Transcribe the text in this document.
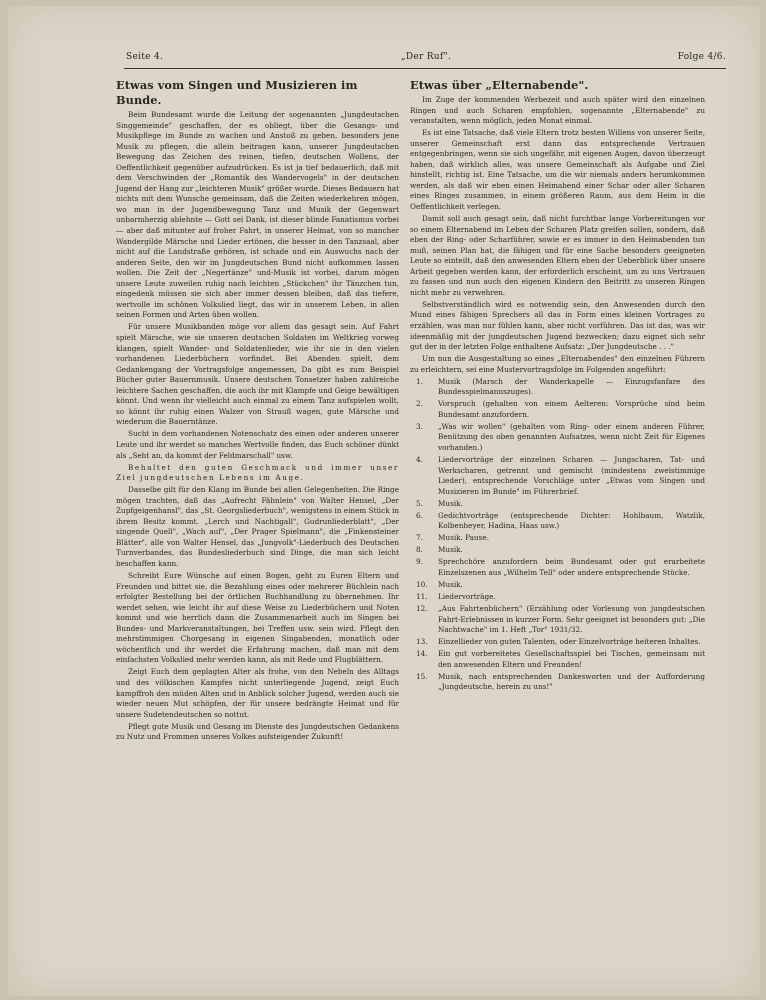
Seite 4.	„Der Ruf".	Folge 4/6.
Etwas vom Singen und Musizieren im Bunde.

Beim Bundesamt wurde die Leitung der sogenannten „Jungdeutschen Singgemeinde" geschaffen, der es obliegt, über die Gesangs- und Musikpflege im Bunde zu wachen und Anstoß zu geben, besonders jene Musik zu pflegen, die allein beitragen kann, unserer Jungdeutschen Bewegung das Zeichen des reinen, tiefen, deutschen Wollens, der Oeffentlichkeit gegenüber aufzudrücken. Es ist ja tief bedauerlich, daß mit dem Verschwinden der „Romantik des Wandervogels" in der deutschen Jugend der Hang zur „leichteren Musik" größer wurde. Dieses Bedauern hat nichts mit dem Wunsche gemeinsam, daß die Zeiten wiederkehren mögen, wo man in der Jugendbewegung Tanz und Musik der Gegenwart unbarmherzig ablehnte — Gott sei Dank, ist dieser blinde Fanatismus vorbei — aber daß mitunter auf froher Fahrt, in unserer Heimat, von so mancher Wandergilde Märsche und Lieder ertönen, die besser in den Tanzsaal, aber nicht auf die Landstraße gehören, ist schade und ein Auswuchs nach der anderen Seite, den wir im Jungdeutschen Bund nicht aufkommen lassen wollen. Die Zeit der „Negertänze" und-Musik ist vorbei, darum mögen unsere Leute zuweilen ruhig nach leichten „Stückchen" ihr Tänzchen tun, eingedenk müssen sie sich aber immer dessen bleiben, daß das tiefere, wertvolle im schönen Volkslied liegt, das wir in unserem Leben, in allen seinen Formen und Arten üben wollen.

Für unsere Musikbanden möge vor allem das gesagt sein. Auf Fahrt spielt Märsche, wie sie unseren deutschen Soldaten im Weltkrieg vorweg klangen, spielt Wander- und Soldatenlieder, wie ihr sie in den vielen vorhandenen Liederbüchern vorfindet. Bei Abenden spielt, dem Gedankengang der Vortragsfolge angemessen, Da gibt es zum Beispiel Bücher guter Bauernmusik. Unsere deutschen Tonsetzer haben zahlreiche leichtere Sachen geschaffen, die auch ihr mit Klampfe und Geige bewältigen könnt. Und wenn ihr vielleicht auch einmal zu einem Tanz aufspielen wollt, so könnt ihr ruhig einen Walzer von Strauß wagen, gute Märsche und wiederum die Bauerntänze.

Sucht in dem vorhandenen Notenschatz des einen oder anderen unserer Leute und ihr werdet so manches Wertvolle finden, das Euch schöner dünkt als „Seht an, da kommt der Feldmarschall" usw.

Behaltet den guten Geschmack und immer unser Ziel jungdeutschen Lebens im Auge.

Dasselbe gilt für den Klang im Bunde bei allen Gelegenheiten. Die Ringe mögen trachten, daß das „Aufrecht Fähnlein" von Walter Hensel, „Der Zupfgeigenhansl", das „St. Georgsliederbuch", wenigstens in einem Stück in ihrem Besitz kommt. „Lerch und Nachtigall", Gudrunliederblatt", „Der singende Quell", „Wach auf", „Der Prager Spielmann", die „Finkensteiner Blätter", alle von Walter Hensel, das „Jungvolk"-Liederbuch des Deutschen Turnverbandes, das Bundesliederbuch sind Dinge, die man sich leicht beschaffen kann.

Schreibt Eure Wünsche auf einen Bogen, geht zu Euren Eltern und Freunden und bittet sie, die Bezahlung eines oder mehrerer Büchlein nach erfolgter Bestellung bei der örtlichen Buchhandlung zu übernehmen. Ihr werdet sehen, wie leicht ihr auf diese Weise zu Liederbüchern und Noten kommt und wie herrlich dann die Zusammenarbeit auch im Singen bei Bundes- und Markveranstaltungen, bei Treffen usw. sein wird. Pflegt den mehrstimmigen Chorgesang in eigenen Singabenden, monatlich oder wöchentlich und ihr werdet die Erfahrung machen, daß man mit dem einfachsten Volkslied mehr werden kann, als mit Rede und Flugblättern.

Zeigt Euch dem geplagten Alter als frohe, von den Nebeln des Alltags und des völkischen Kampfes nicht unterliegende Jugend, zeigt Euch kampffroh den müden Alten und in Anblick solcher Jugend, werden auch sie wieder neuen Mut schöpfen, der für unsere bedrängte Heimat und für unsere Sudetendeutschen so nottut.

Pflegt gute Musik und Gesang im Dienste des Jungdeutschen Gedankens zu Nutz und Frommen unseres Volkes aufsteigender Zukunft!

Etwas über „Elternabende".

Im Zuge der kommenden Werbezeit und auch später wird den einzelnen Ringen und auch Scharen empfohlen, sogenannte „Elternabende" zu veranstalten, wenn möglich, jeden Monat einmal.

Es ist eine Tatsache, daß viele Eltern trotz besten Willens von unserer Seite, unserer Gemeinschaft erst dann das entsprechende Vertrauen entgegenbringen, wenn sie sich ungefähr, mit eigenen Augen, davon überzeugt haben, daß wirklich alles, was unsere Gemeinschaft als Aufgabe und Ziel hinstellt, richtig ist. Eine Tatsache, um die wir niemals anders herumkommen werden, als daß wir eben einen Heimabend einer Schar oder aller Scharen eines Ringes zusammen, in einem größeren Raum, aus dem Heim in die Oeffentlichkeit verlegen.

Damit soll auch gesagt sein, daß nicht furchtbar lange Vorbereitungen vor so einem Elternabend im Leben der Scharen Platz greifen sollen, sondern, daß eben der Ring- oder Scharführer, sowie er es immer in den Heimabenden tun muß, seinen Plan hat, die fähigen und für eine Sache besonders geeigneten Leute so einteilt, daß den anwesenden Eltern eben der Ueberblick über unsere Arbeit gegeben werden kann, der erforderlich erscheint, um zu uns Vertrauen zu fassen und nun auch den eigenen Kindern den Beitritt zu unseren Ringen nicht mehr zu verwehren.

Selbstverständlich wird es notwendig sein, den Anwesenden durch den Mund eines fähigen Sprechers all das in Form eines kleinen Vortrages zu erzählen, was man nur fühlen kann, aber nicht vorführen. Das ist das, was wir ideenmäßig mit der jungdeutschen Jugend bezwecken; dazu eignet sich sehr gut der in der letzten Folge enthaltene Aufsatz: „Der Jungdeutsche . . ."

Um nun die Ausgestaltung so eines „Elternabendes" den einzelnen Führern zu erleichtern, sei eine Mustervortragsfolge im Folgenden angeführt:

1. Musik (Marsch der Wanderkapelle — Einzugsfanfare des Bundesspielmannszuges).
2. Vorspruch (gehalten von einem Aelteren: Vorsprüche sind beim Bundesamt anzufordern.
3. „Was wir wollen" (gehalten vom Ring- oder einem anderen Führer, Benützung des oben genannten Aufsatzes, wenn nicht Zeit für Eigenes vorhanden.)
4. Liedervorträge der einzelnen Scharen — Jungscharen, Tat- und Werkscharen, getrennt und gemischt (mindestens zweistimmige Lieder), entsprechende Vorschläge unter „Etwas vom Singen und Musizieren im Bunde" im Führerbrief.
5. Musik.
6. Gedichtvorträge (entsprechende Dichter: Hohlbaum, Watzlik, Kolbenheyer, Hadina, Haas usw.)
7. Musik. Pause.
8. Musik.
9. Sprechchöre anzufordern beim Bundesamt oder gut erarbeitete Einzelszenen aus „Wilhelm Tell" oder andere entsprechende Stücke.
10. Musik.
11. Liedervorträge.
12. „Aus Fahrtenbüchern" (Erzählung oder Vorlesung von jungdeutschen Fahrt-Erlebnissen in kurzer Form. Sehr geeignet ist besonders gut: „Die Nachtwache" im 1. Heft „Tor" 1931/32.
13. Einzellieder von guten Talenten, oder Einzelvorträge heiteren Inhaltes.
14. Ein gut vorbereitetes Gesellschaftsspiel bei Tischen, gemeinsam mit den anwesenden Eltern und Freunden!
15. Musik, nach entsprechenden Dankesworten und der Aufforderung „Jungdeutsche, herein zu uns!"
